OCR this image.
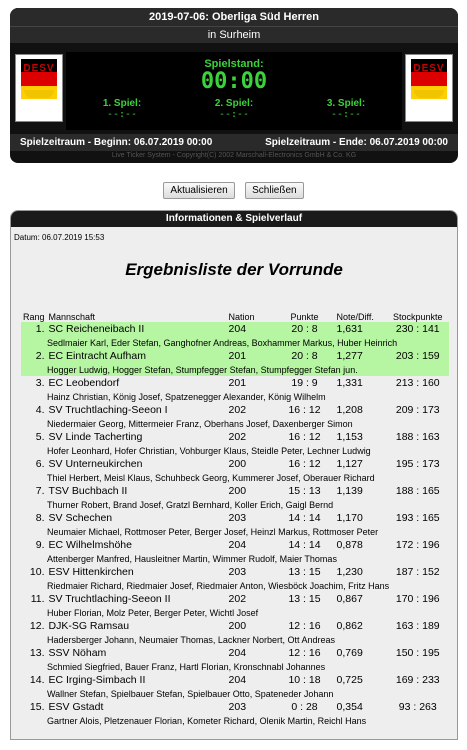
2019-07-06: Oberliga Süd Herren
in Surheim
DESV	Spielstand:
00:00
1. Spiel:
--:--
2. Spiel:
--:--
3. Spiel:
--:--
DESV
Spielzeitraum - Beginn: 06.07.2019 00:00	Spielzeitraum - Ende: 06.07.2019 00:00
Live Ticker System - Copyright(C) 2002 Marschall-Electronics GmbH & Co. KG
Aktualisieren Schließen
Informationen & Spielverlauf
Datum: 06.07.2019 15:53
Ergebnisliste der Vorrunde
Rang	Mannschaft	Nation	Punkte	Note/Diff.	Stockpunkte
1.	SC Reicheneibach II	204	20 : 8	1,631	230 : 141
Sedlmaier Karl, Eder Stefan, Ganghofner Andreas, Boxhammer Markus, Huber Heinrich					
2.	EC Eintracht Aufham	201	20 : 8	1,277	203 : 159
Hogger Ludwig, Hogger Stefan, Stumpfegger Stefan, Stumpfegger Stefan jun.					
3.	EC Leobendorf	201	19 : 9	1,331	213 : 160
Hainz Christian, König Josef, Spatzenegger Alexander, König Wilhelm					
4.	SV Truchtlaching-Seeon I	202	16 : 12	1,208	209 : 173
Niedermaier Georg, Mittermeier Franz, Oberhans Josef, Daxenberger Simon					
5.	SV Linde Tacherting	202	16 : 12	1,153	188 : 163
Hofer Leonhard, Hofer Christian, Vohburger Klaus, Steidle Peter, Lechner Ludwig					
6.	SV Unterneukirchen	200	16 : 12	1,127	195 : 173
Thiel Herbert, Meisl Klaus, Schuhbeck Georg, Kummerer Josef, Oberauer Richard					
7.	TSV Buchbach II	200	15 : 13	1,139	188 : 165
Thurner Robert, Brand Josef, Gratzl Bernhard, Koller Erich, Gaigl Bernd					
8.	SV Schechen	203	14 : 14	1,170	193 : 165
Neumaier Michael, Rottmoser Peter, Berger Josef, Heinzl Markus, Rottmoser Peter					
9.	EC Wilhelmshöhe	204	14 : 14	0,878	172 : 196
Attenberger Manfred, Hausleitner Martin, Wimmer Rudolf, Maier Thomas					
10.	ESV Hittenkirchen	203	13 : 15	1,230	187 : 152
Riedmaier Richard, Riedmaier Josef, Riedmaier Anton, Wiesböck Joachim, Fritz Hans					
11.	SV Truchtlaching-Seeon II	202	13 : 15	0,867	170 : 196
Huber Florian, Molz Peter, Berger Peter, Wichtl Josef					
12.	DJK-SG Ramsau	200	12 : 16	0,862	163 : 189
Hadersberger Johann, Neumaier Thomas, Lackner Norbert, Ott Andreas					
13.	SSV Nöham	204	12 : 16	0,769	150 : 195
Schmied Siegfried, Bauer Franz, Hartl Florian, Kronschnabl Johannes					
14.	EC Irging-Simbach II	204	10 : 18	0,725	169 : 233
Wallner Stefan, Spielbauer Stefan, Spielbauer Otto, Spateneder Johann					
15.	ESV Gstadt	203	0 : 28	0,354	93 : 263
Gartner Alois, Pletzenauer Florian, Kometer Richard, Olenik Martin, Reichl Hans					
